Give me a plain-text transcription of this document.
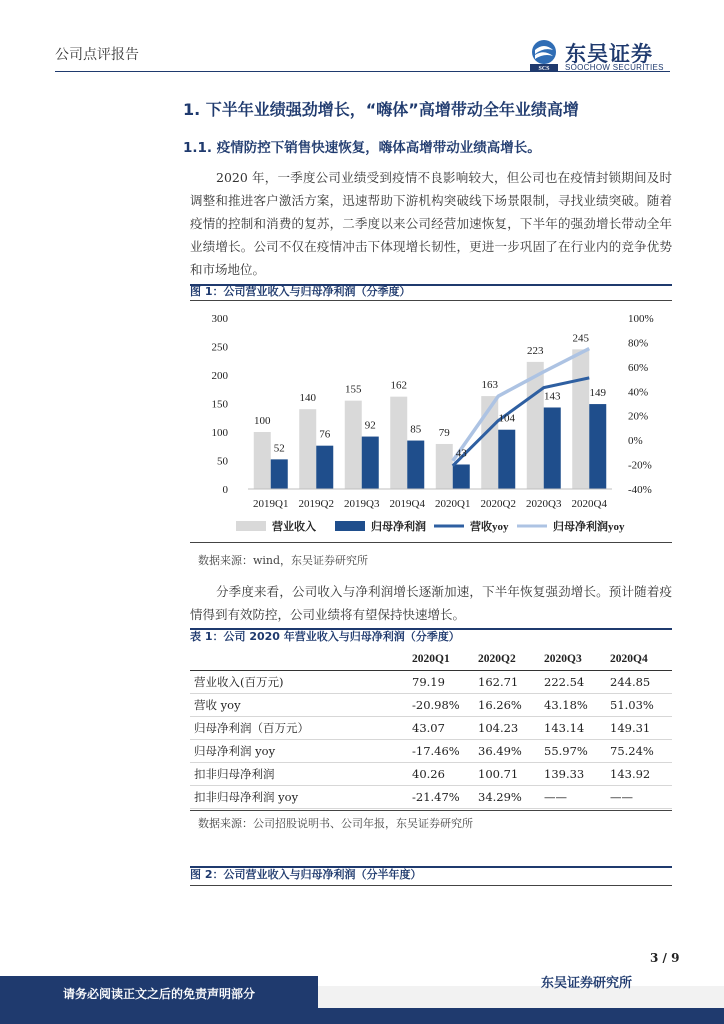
公司点评报告
SCS
东吴证券
SOOCHOW SECURITIES
1. 下半年业绩强劲增长，“嗨体”高增带动全年业绩高增
1.1. 疫情防控下销售快速恢复，嗨体高增带动业绩高增长。
2020 年，一季度公司业绩受到疫情不良影响较大，但公司也在疫情封锁期间及时调整和推进客户激活方案，迅速帮助下游机构突破线下场景限制，寻找业绩突破。随着疫情的控制和消费的复苏，二季度以来公司经营加速恢复，下半年的强劲增长带动全年业绩增长。公司不仅在疫情冲击下体现增长韧性，更进一步巩固了在行业内的竞争优势和市场地位。
图 1：公司营业收入与归母净利润（分季度）
100
140
155	162
79
163
223
245
52
76
92	85
43
104
143	149
0
50
100
150
200
250
300
-40%
-20%
0%
20%
40%
60%
80%
100%
2019Q1 2019Q2 2019Q3 2019Q4 2020Q1 2020Q2 2020Q3 2020Q4
营业收入	归母净利润	营收yoy	归母净利润yoy
数据来源：wind，东吴证券研究所
分季度来看，公司收入与净利润增长逐渐加速，下半年恢复强劲增长。预计随着疫情得到有效防控，公司业绩将有望保持快速增长。
表 1：公司 2020 年营业收入与归母净利润（分季度）
	2020Q1	2020Q2	2020Q3	2020Q4
营业收入(百万元)	79.19	162.71	222.54	244.85
营收 yoy	-20.98%	16.26%	43.18%	51.03%
归母净利润（百万元）	43.07	104.23	143.14	149.31
归母净利润 yoy	-17.46%	36.49%	55.97%	75.24%
扣非归母净利润	40.26	100.71	139.33	143.92
扣非归母净利润 yoy	-21.47%	34.29%	——	——
数据来源：公司招股说明书、公司年报，东吴证券研究所
图 2：公司营业收入与归母净利润（分半年度）
3 / 9
请务必阅读正文之后的免责声明部分
东吴证券研究所
